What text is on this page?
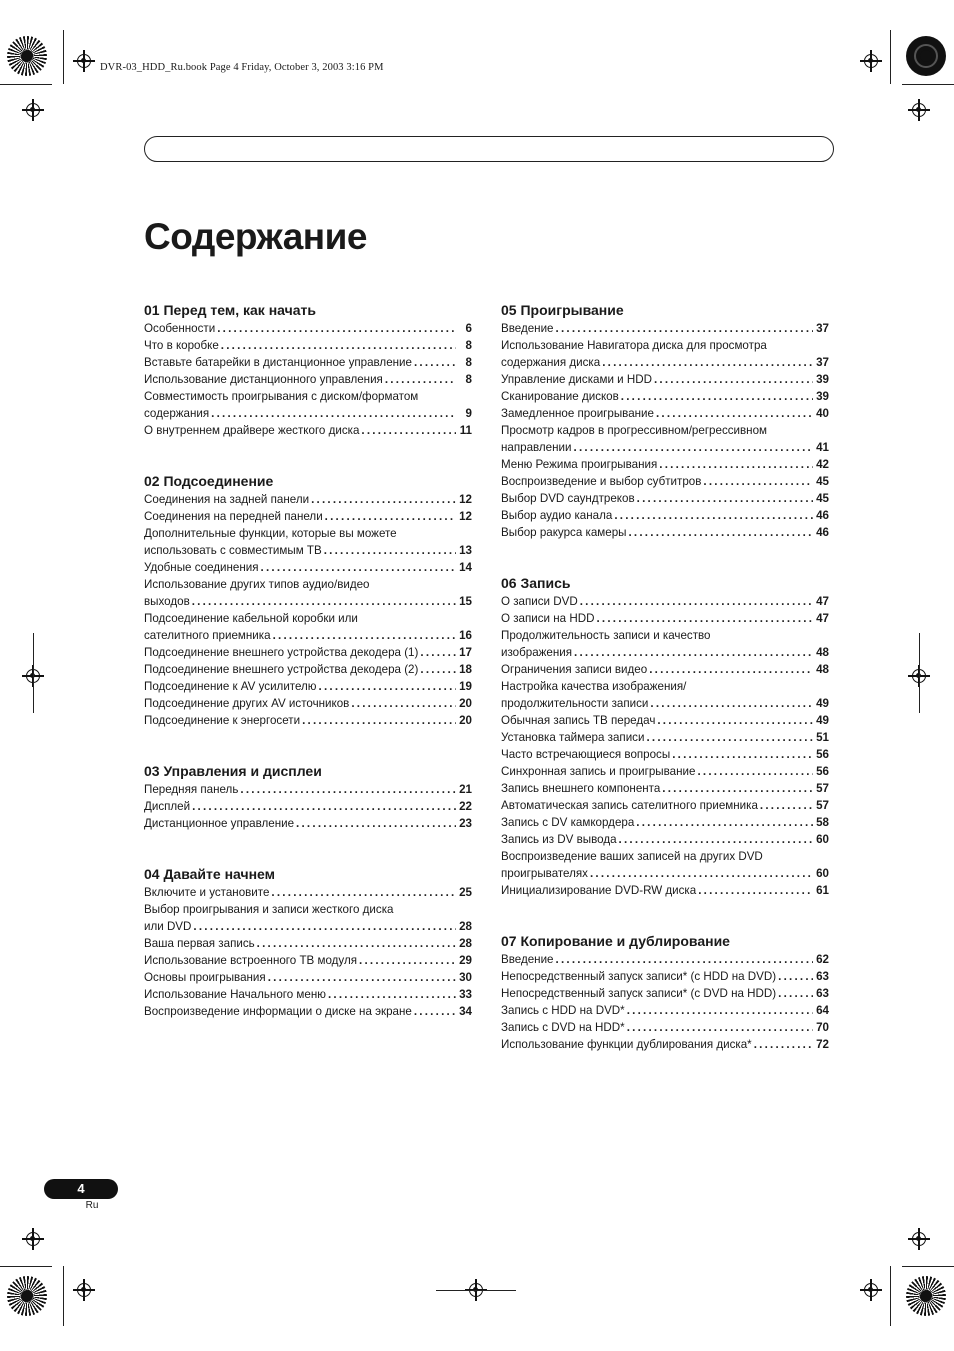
DVR-03_HDD_Ru.book Page 4 Friday, October 3, 2003 3:16 PM
Содержание
01 Перед тем, как начать
Особенности . . .	6
Что в коробке . . .	8
Вставьте батарейки в дистанционное управление . . .	8
Использование дистанционного управления . . .	8
Совместимость проигрывания с диском/форматом
содержания . . .	9
О внутреннем драйвере жесткого диска . . .	11
02 Подсоединение
Соединения на задней панели . . .	12
Соединения на передней панели . . .	12
Дополнительные функции, которые вы можете
использовать с совместимым ТВ . . .	13
Удобные соединения . . .	14
Использование других типов аудио/видео
выходов . . .	15
Подсоединение кабельной коробки или
сателитного приемника . . .	16
Подсоединение внешнего устройства декодера (1) . . .	17
Подсоединение внешнего устройства декодера (2) . . .	18
Подсоединение к AV усилителю . . .	19
Подсоединение других AV источников . . .	20
Подсоединение к энергосети . . .	20
03 Управления и дисплеи
Передняя панель . . .	21
Дисплей . . .	22
Дистанционное управление . . .	23
04 Давайте начнем
Включите и установите . . .	25
Выбор проигрывания и записи жесткого диска
или DVD . . .	28
Ваша первая запись . . .	28
Использование встроенного ТВ модуля . . .	29
Основы проигрывания . . .	30
Использование Начального меню . . .	33
Воспроизведение информации о диске на экране . . .	34
05 Проигрывание
Введение . . .	37
Использование Навигатора диска для просмотра
содержания диска . . .	37
Управление дисками и HDD . . .	39
Сканирование дисков . . .	39
Замедленное проигрывание . . .	40
Просмотр кадров в прогрессивном/регрессивном
направлении . . .	41
Меню Режима проигрывания . . .	42
Воспроизведение и выбор субтитров . . .	45
Выбор DVD саундтреков . . .	45
Выбор аудио канала . . .	46
Выбор ракурса камеры . . .	46
06 Запись
О записи DVD . . .	47
О записи на HDD . . .	47
Продолжительность записи и качество
изображения . . .	48
Ограничения записи видео . . .	48
Настройка качества изображения/
продолжительности записи . . .	49
Обычная запись ТВ передач . . .	49
Установка таймера записи . . .	51
Часто встречающиеся вопросы . . .	56
Синхронная запись и проигрывание . . .	56
Запись внешнего компонента . . .	57
Автоматическая запись сателитного приемника . . .	57
Запись с DV камкордера . . .	58
Запись из DV вывода . . .	60
Воспроизведение ваших записей на других DVD
проигрывателях . . .	60
Инициализирование DVD-RW диска . . .	61
07 Копирование и дублирование
Введение . . .	62
Непосредственный запуск записи* (с HDD на DVD) . . .	63
Непосредственный запуск записи* (с DVD на HDD) . . .	63
Запись с HDD на DVD* . . .	64
Запись с DVD на HDD* . . .	70
Использование функции дублирования диска* . . .	72
4
Ru
